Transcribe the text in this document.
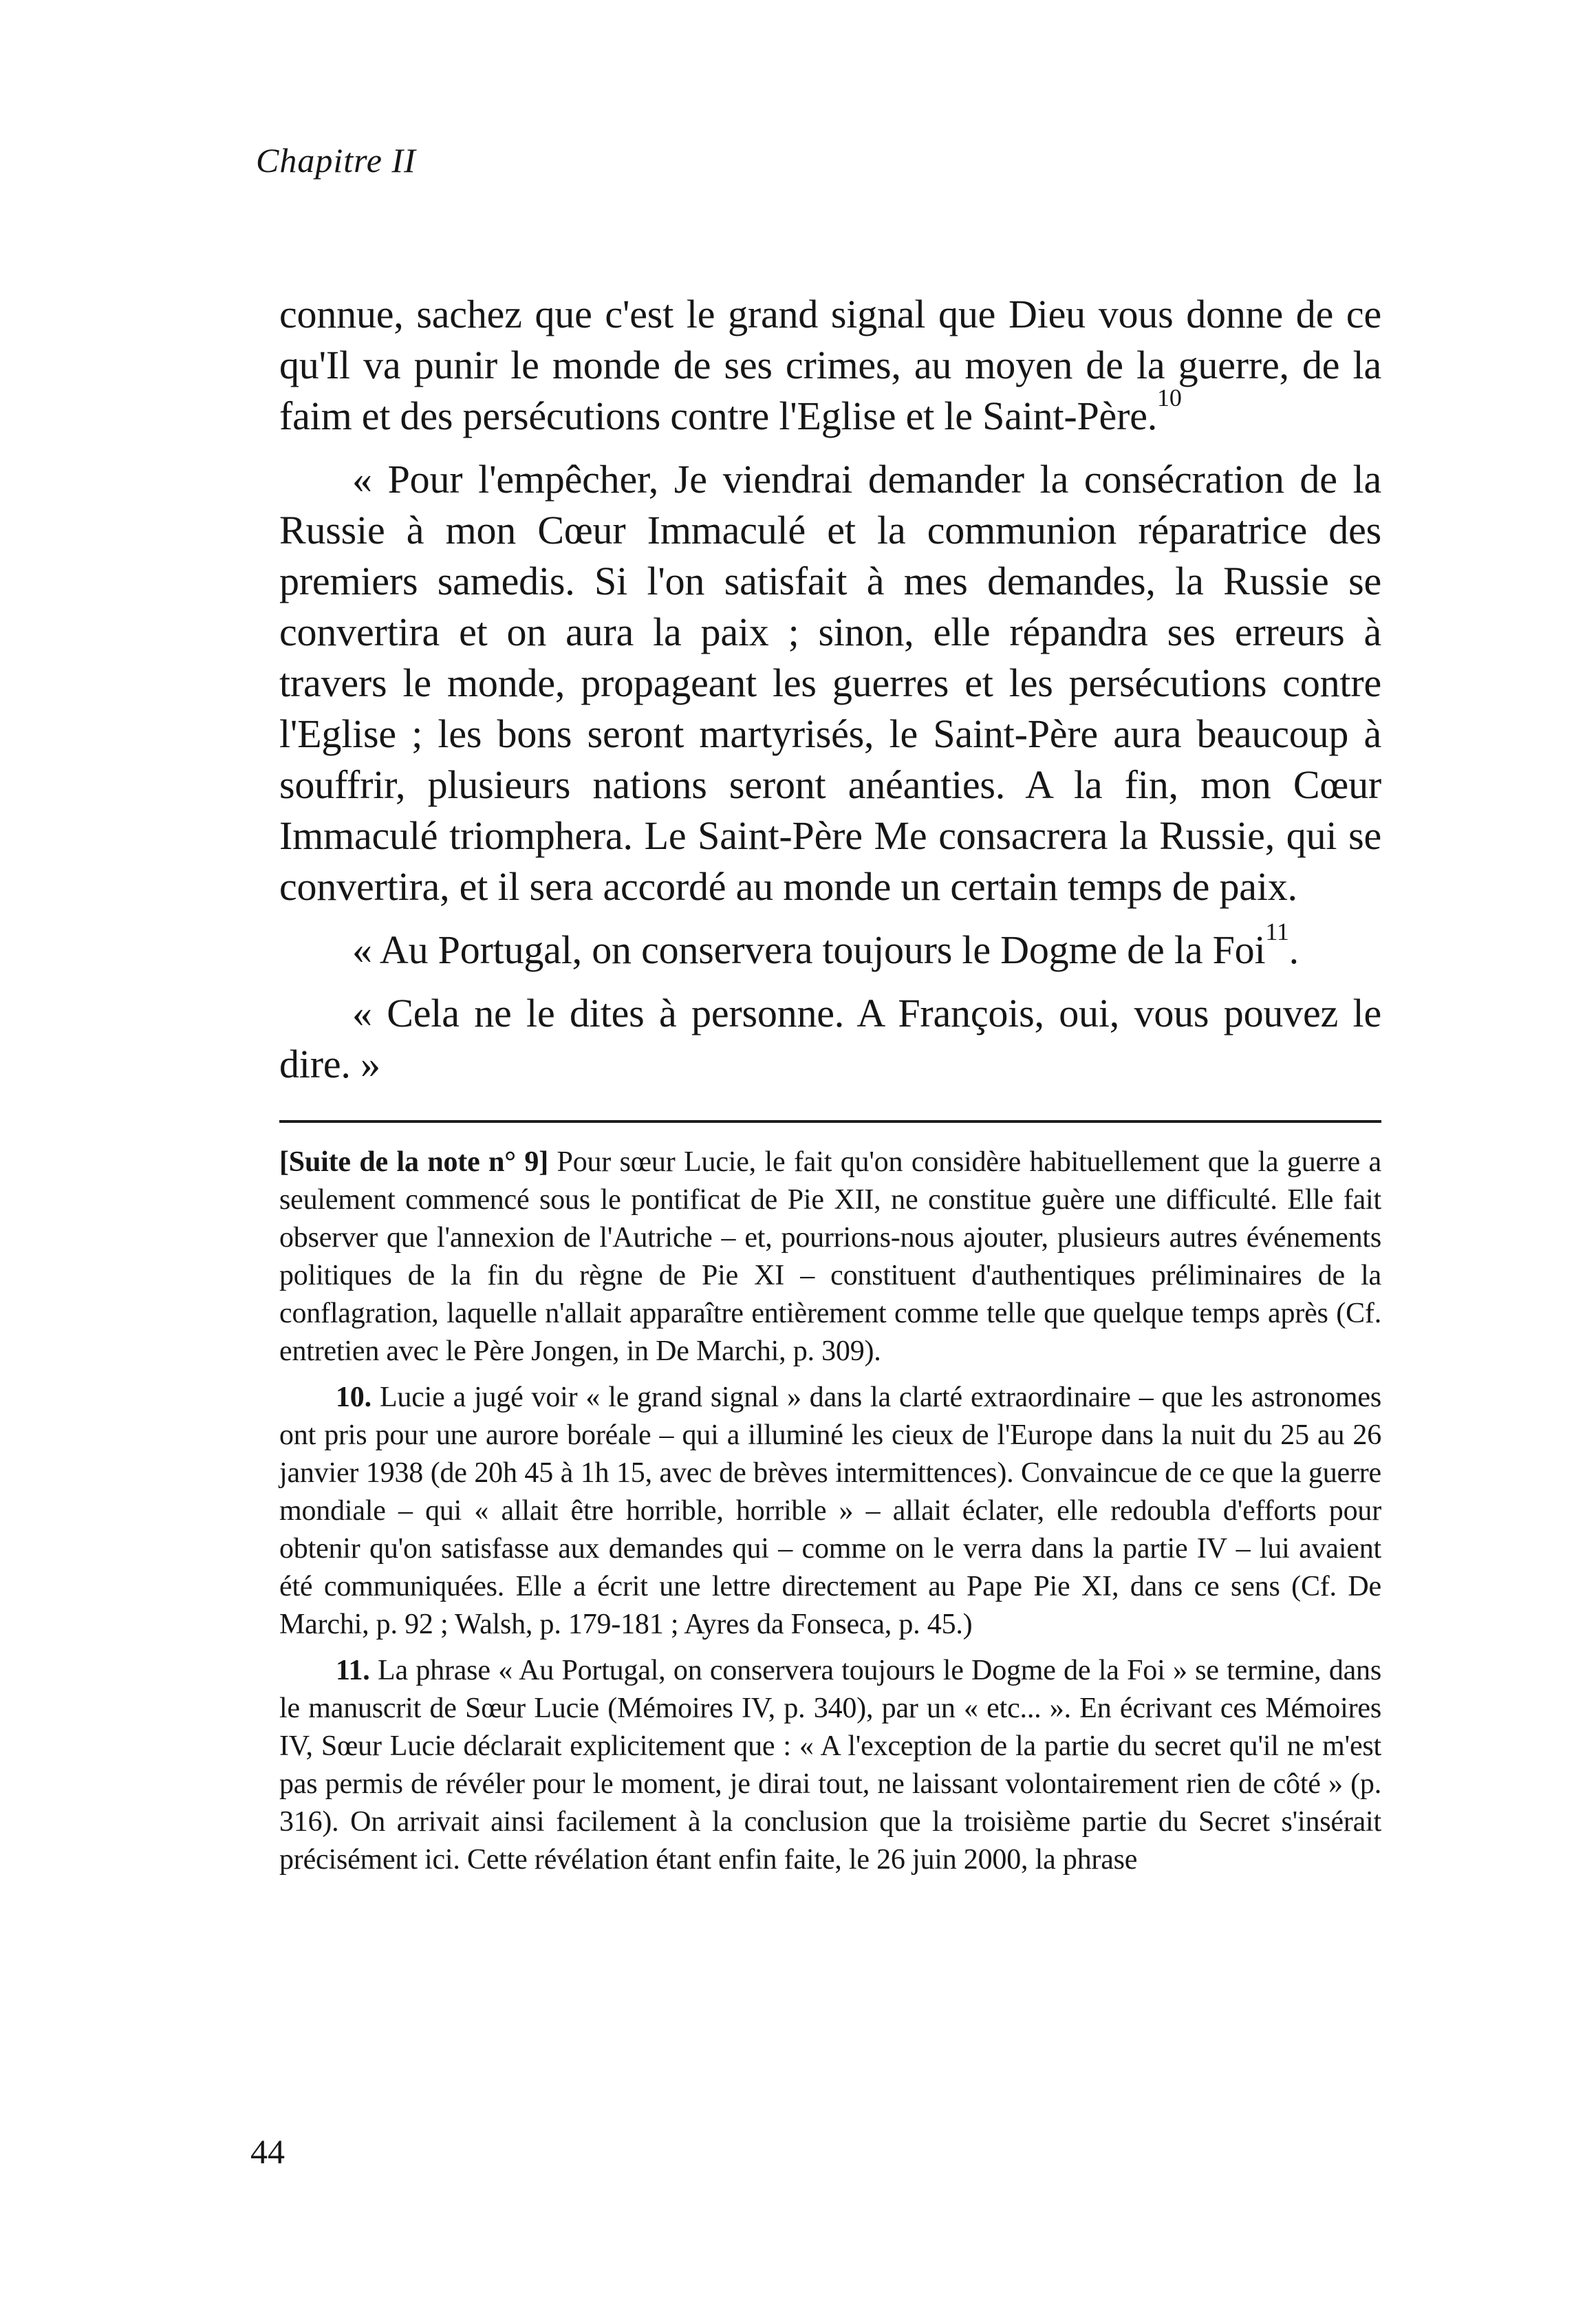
Chapitre II

connue, sachez que c'est le grand signal que Dieu vous donne de ce qu'Il va punir le monde de ses crimes, au moyen de la guerre, de la faim et des persécutions contre l'Eglise et le Saint-Père.$^{10}$

« Pour l'empêcher, Je viendrai demander la consécration de la Russie à mon Cœur Immaculé et la communion réparatrice des premiers samedis. Si l'on satisfait à mes demandes, la Russie se convertira et on aura la paix ; sinon, elle répandra ses erreurs à travers le monde, propageant les guerres et les persécutions contre l'Eglise ; les bons seront martyrisés, le Saint-Père aura beaucoup à souffrir, plusieurs nations seront anéanties. A la fin, mon Cœur Immaculé triomphera. Le Saint-Père Me consacrera la Russie, qui se convertira, et il sera accordé au monde un certain temps de paix.

« Au Portugal, on conservera toujours le Dogme de la Foi$^{11}$.

« Cela ne le dites à personne. A François, oui, vous pouvez le dire. »

[Suite de la note n° 9] Pour sœur Lucie, le fait qu'on considère habituellement que la guerre a seulement commencé sous le pontificat de Pie XII, ne constitue guère une difficulté. Elle fait observer que l'annexion de l'Autriche – et, pourrions-nous ajouter, plusieurs autres événements politiques de la fin du règne de Pie XI – constituent d'authentiques préliminaires de la conflagration, laquelle n'allait apparaître entièrement comme telle que quelque temps après (Cf. entretien avec le Père Jongen, in De Marchi, p. 309).

10. Lucie a jugé voir « le grand signal » dans la clarté extraordinaire – que les astronomes ont pris pour une aurore boréale – qui a illuminé les cieux de l'Europe dans la nuit du 25 au 26 janvier 1938 (de 20h 45 à 1h 15, avec de brèves intermittences). Convaincue de ce que la guerre mondiale – qui « allait être horrible, horrible » – allait éclater, elle redoubla d'efforts pour obtenir qu'on satisfasse aux demandes qui – comme on le verra dans la partie IV – lui avaient été communiquées. Elle a écrit une lettre directement au Pape Pie XI, dans ce sens (Cf. De Marchi, p. 92 ; Walsh, p. 179-181 ; Ayres da Fonseca, p. 45.)

11. La phrase « Au Portugal, on conservera toujours le Dogme de la Foi » se termine, dans le manuscrit de Sœur Lucie (Mémoires IV, p. 340), par un « etc... ». En écrivant ces Mémoires IV, Sœur Lucie déclarait explicitement que : « A l'exception de la partie du secret qu'il ne m'est pas permis de révéler pour le moment, je dirai tout, ne laissant volontairement rien de côté » (p. 316). On arrivait ainsi facilement à la conclusion que la troisième partie du Secret s'insérait précisément ici. Cette révélation étant enfin faite, le 26 juin 2000, la phrase

44
